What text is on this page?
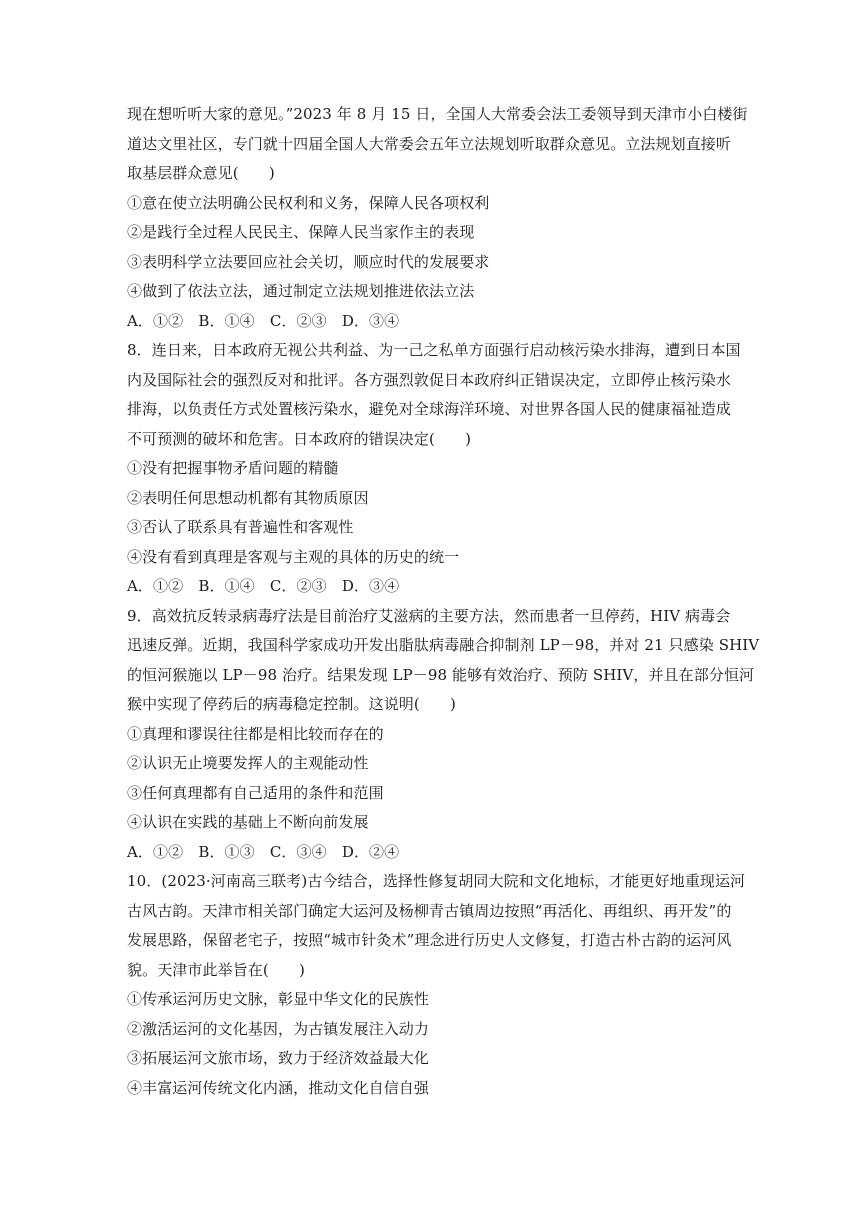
现在想听听大家的意见。”2023 年 8 月 15 日，全国人大常委会法工委领导到天津市小白楼街
道达文里社区，专门就十四届全国人大常委会五年立法规划听取群众意见。立法规划直接听
取基层群众意见(　　)
①意在使立法明确公民权利和义务，保障人民各项权利
②是践行全过程人民民主、保障人民当家作主的表现
③表明科学立法要回应社会关切，顺应时代的发展要求
④做到了依法立法，通过制定立法规划推进依法立法
A．①②　B．①④　C．②③　D．③④
8．连日来，日本政府无视公共利益、为一己之私单方面强行启动核污染水排海，遭到日本国
内及国际社会的强烈反对和批评。各方强烈敦促日本政府纠正错误决定，立即停止核污染水
排海，以负责任方式处置核污染水，避免对全球海洋环境、对世界各国人民的健康福祉造成
不可预测的破坏和危害。日本政府的错误决定(　　)
①没有把握事物矛盾问题的精髓
②表明任何思想动机都有其物质原因
③否认了联系具有普遍性和客观性
④没有看到真理是客观与主观的具体的历史的统一
A．①②　B．①④　C．②③　D．③④
9．高效抗反转录病毒疗法是目前治疗艾滋病的主要方法，然而患者一旦停药，HIV 病毒会
迅速反弹。近期，我国科学家成功开发出脂肽病毒融合抑制剂 LP－98，并对 21 只感染 SHIV
的恒河猴施以 LP－98 治疗。结果发现 LP－98 能够有效治疗、预防 SHIV，并且在部分恒河
猴中实现了停药后的病毒稳定控制。这说明(　　)
①真理和谬误往往都是相比较而存在的
②认识无止境要发挥人的主观能动性
③任何真理都有自己适用的条件和范围
④认识在实践的基础上不断向前发展
A．①②　B．①③　C．③④　D．②④
10．(2023·河南高三联考)古今结合，选择性修复胡同大院和文化地标，才能更好地重现运河
古风古韵。天津市相关部门确定大运河及杨柳青古镇周边按照“再活化、再组织、再开发”的
发展思路，保留老宅子，按照“城市针灸术”理念进行历史人文修复，打造古朴古韵的运河风
貌。天津市此举旨在(　　)
①传承运河历史文脉，彰显中华文化的民族性
②激活运河的文化基因，为古镇发展注入动力
③拓展运河文旅市场，致力于经济效益最大化
④丰富运河传统文化内涵，推动文化自信自强
